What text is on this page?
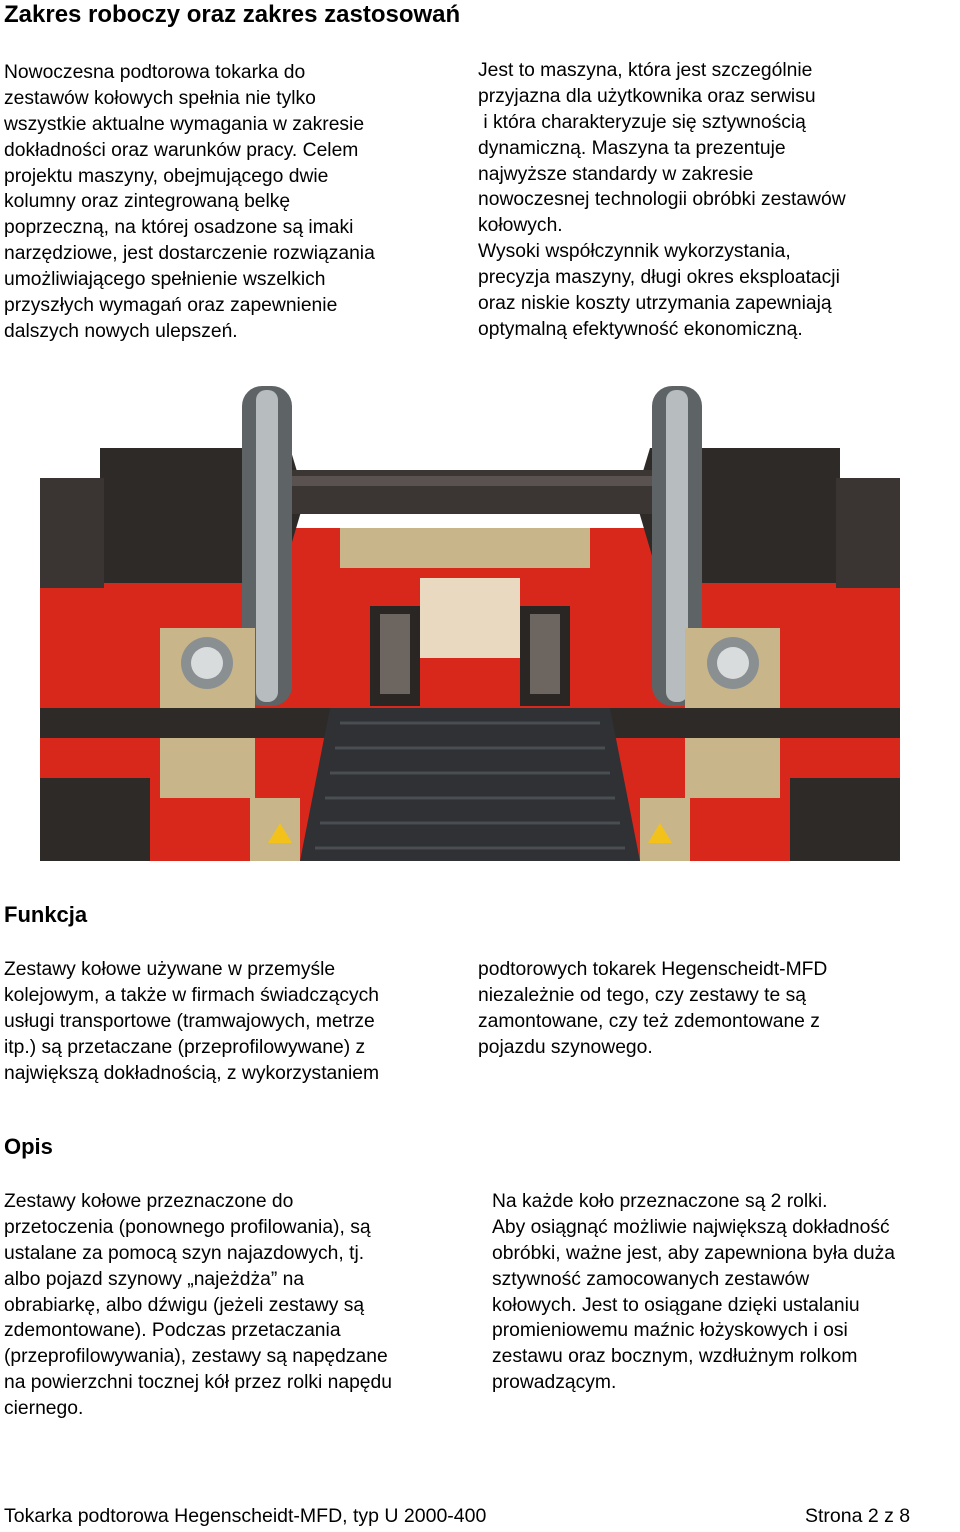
Zakres roboczy oraz zakres zastosowań
Nowoczesna podtorowa tokarka do
zestawów kołowych spełnia nie tylko
wszystkie aktualne wymagania w zakresie
dokładności oraz warunków pracy. Celem
projektu maszyny, obejmującego dwie
kolumny oraz zintegrowaną belkę
poprzeczną, na której osadzone są imaki
narzędziowe, jest dostarczenie rozwiązania
umożliwiającego spełnienie wszelkich
przyszłych wymagań oraz zapewnienie
dalszych nowych ulepszeń.
Jest to maszyna, która jest szczególnie
przyjazna dla użytkownika oraz serwisu
i która charakteryzuje się sztywnością
dynamiczną. Maszyna ta prezentuje
najwyższe standardy w zakresie
nowoczesnej technologii obróbki zestawów
kołowych.
Wysoki współczynnik wykorzystania,
precyzja maszyny, długi okres eksploatacji
oraz niskie koszty utrzymania zapewniają
optymalną efektywność ekonomiczną.
Funkcja
Zestawy kołowe używane w przemyśle
kolejowym, a także w firmach świadczących
usługi transportowe (tramwajowych, metrze
itp.) są przetaczane (przeprofilowywane) z
największą dokładnością, z wykorzystaniem
podtorowych tokarek Hegenscheidt-MFD
niezależnie od tego, czy zestawy te są
zamontowane, czy też zdemontowane z
pojazdu szynowego.
Opis
Zestawy kołowe przeznaczone do
przetoczenia (ponownego profilowania), są
ustalane za pomocą szyn najazdowych, tj.
albo pojazd szynowy „najeżdża” na
obrabiarkę, albo dźwigu (jeżeli zestawy są
zdemontowane). Podczas przetaczania
(przeprofilowywania), zestawy są napędzane
na powierzchni tocznej kół przez rolki napędu
ciernego.
Na każde koło przeznaczone są 2 rolki.
Aby osiągnąć możliwie największą dokładność
obróbki, ważne jest, aby zapewniona była duża
sztywność zamocowanych zestawów
kołowych. Jest to osiągane dzięki ustalaniu
promieniowemu maźnic łożyskowych i osi
zestawu oraz bocznym, wzdłużnym rolkom
prowadzącym.
Tokarka podtorowa Hegenscheidt-MFD, typ U 2000-400	Strona 2 z 8
